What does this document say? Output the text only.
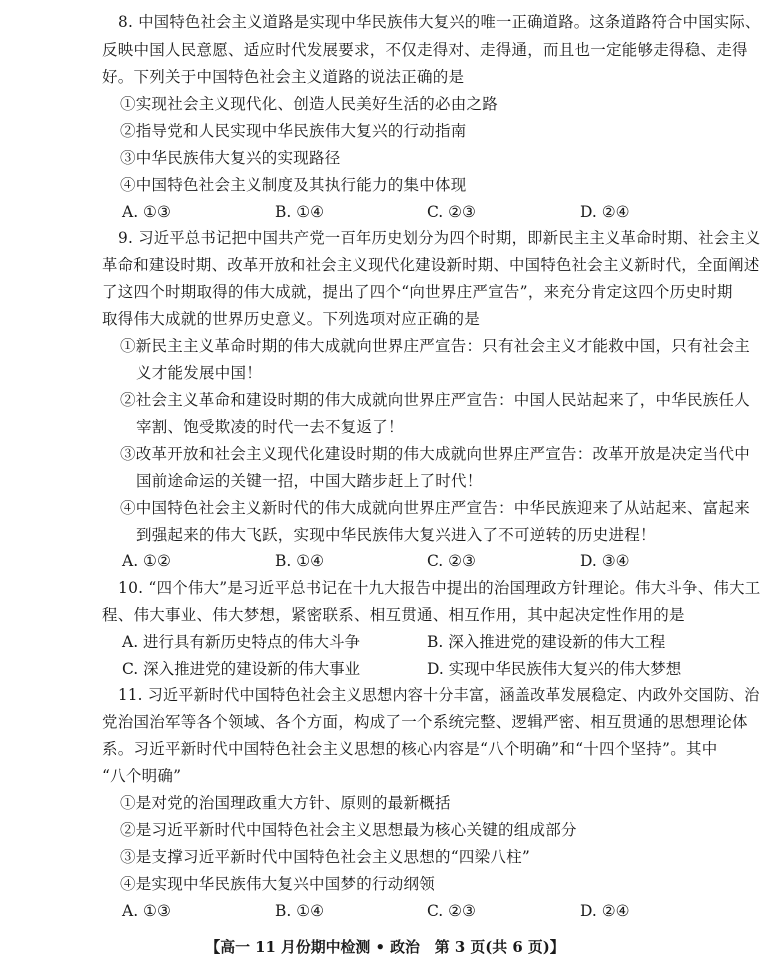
8. 中国特色社会主义道路是实现中华民族伟大复兴的唯一正确道路。这条道路符合中国实际、
反映中国人民意愿、适应时代发展要求，不仅走得对、走得通，而且也一定能够走得稳、走得
好。下列关于中国特色社会主义道路的说法正确的是
①实现社会主义现代化、创造人民美好生活的必由之路
②指导党和人民实现中华民族伟大复兴的行动指南
③中华民族伟大复兴的实现路径
④中国特色社会主义制度及其执行能力的集中体现
A. ①③	B. ①④	C. ②③	D. ②④
9. 习近平总书记把中国共产党一百年历史划分为四个时期，即新民主主义革命时期、社会主义
革命和建设时期、改革开放和社会主义现代化建设新时期、中国特色社会主义新时代，全面阐述
了这四个时期取得的伟大成就，提出了四个“向世界庄严宣告”，来充分肯定这四个历史时期
取得伟大成就的世界历史意义。下列选项对应正确的是
①新民主主义革命时期的伟大成就向世界庄严宣告：只有社会主义才能救中国，只有社会主
义才能发展中国！
②社会主义革命和建设时期的伟大成就向世界庄严宣告：中国人民站起来了，中华民族任人
宰割、饱受欺凌的时代一去不复返了！
③改革开放和社会主义现代化建设时期的伟大成就向世界庄严宣告：改革开放是决定当代中
国前途命运的关键一招，中国大踏步赶上了时代！
④中国特色社会主义新时代的伟大成就向世界庄严宣告：中华民族迎来了从站起来、富起来
到强起来的伟大飞跃，实现中华民族伟大复兴进入了不可逆转的历史进程！
A. ①②	B. ①④	C. ②③	D. ③④
10. “四个伟大”是习近平总书记在十九大报告中提出的治国理政方针理论。伟大斗争、伟大工
程、伟大事业、伟大梦想，紧密联系、相互贯通、相互作用，其中起决定性作用的是
A. 进行具有新历史特点的伟大斗争	B. 深入推进党的建设新的伟大工程
C. 深入推进党的建设新的伟大事业	D. 实现中华民族伟大复兴的伟大梦想
11. 习近平新时代中国特色社会主义思想内容十分丰富，涵盖改革发展稳定、内政外交国防、治
党治国治军等各个领域、各个方面，构成了一个系统完整、逻辑严密、相互贯通的思想理论体
系。习近平新时代中国特色社会主义思想的核心内容是“八个明确”和“十四个坚持”。其中
“八个明确”
①是对党的治国理政重大方针、原则的最新概括
②是习近平新时代中国特色社会主义思想最为核心关键的组成部分
③是支撑习近平新时代中国特色社会主义思想的“四梁八柱”
④是实现中华民族伟大复兴中国梦的行动纲领
A. ①③	B. ①④	C. ②③	D. ②④
【高一 11 月份期中检测 • 政治　第 3 页(共 6 页)】
